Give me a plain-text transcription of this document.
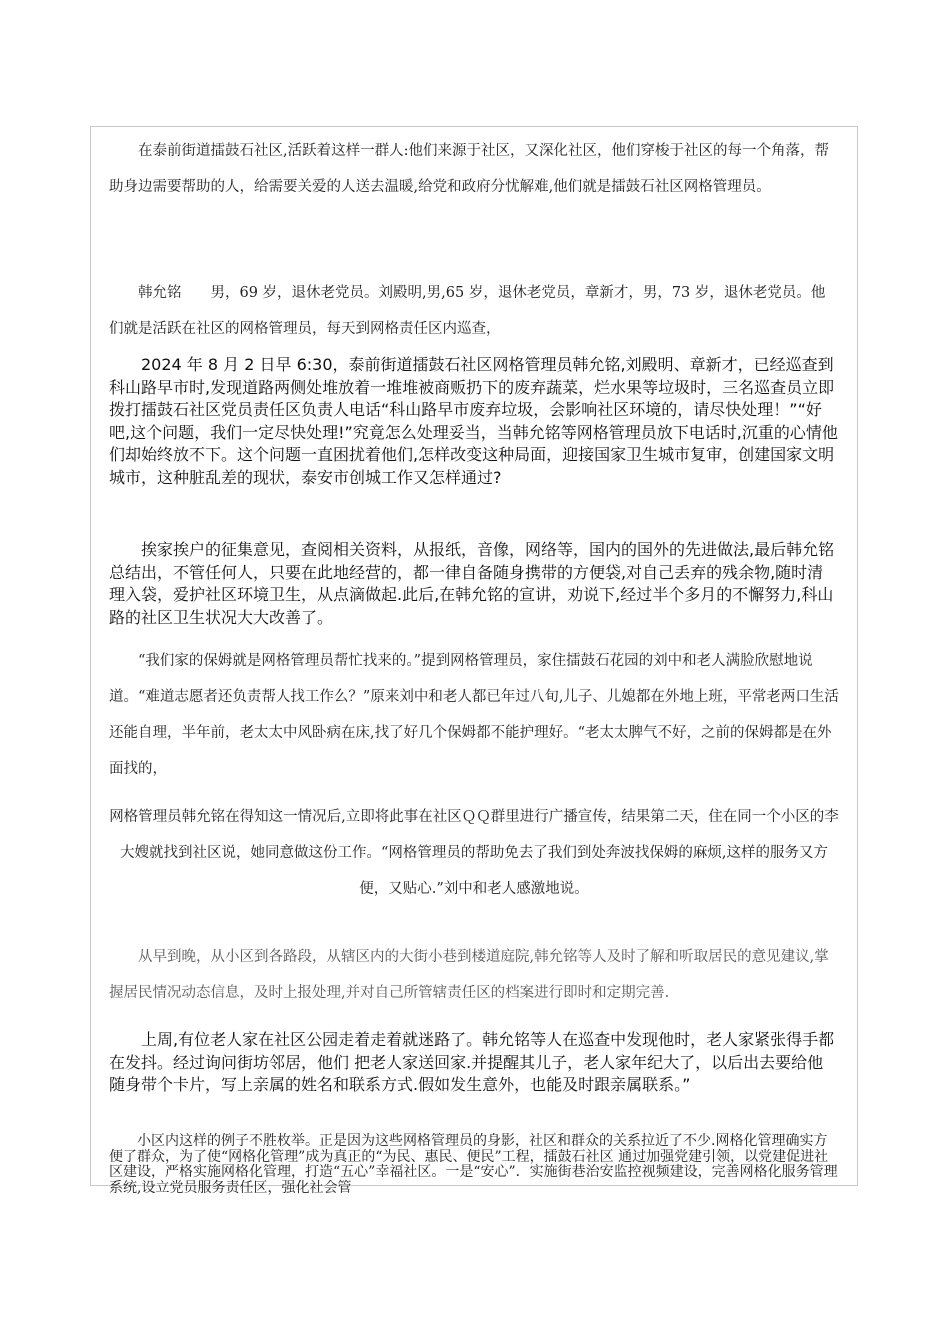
在泰前街道擂鼓石社区,活跃着这样一群人:他们来源于社区，又深化社区，他们穿梭于社区的每一个角落，帮助身边需要帮助的人，给需要关爱的人送去温暖,给党和政府分忧解难,他们就是擂鼓石社区网格管理员。

韩允铭　　男，69 岁，退休老党员。刘殿明,男,65 岁，退休老党员，章新才，男，73 岁，退休老党员。他们就是活跃在社区的网格管理员，每天到网格责任区内巡查，

2024 年 8 月 2 日早 6:30，泰前街道擂鼓石社区网格管理员韩允铭,刘殿明、章新才，已经巡查到科山路早市时,发现道路两侧处堆放着一堆堆被商贩扔下的废弃蔬菜，烂水果等垃圾时，三名巡查员立即拨打擂鼓石社区党员责任区负责人电话“科山路早市废弃垃圾，会影响社区环境的，请尽快处理！”“好吧,这个问题，我们一定尽快处理!”究竟怎么处理妥当，当韩允铭等网格管理员放下电话时,沉重的心情他们却始终放不下。这个问题一直困扰着他们,怎样改变这种局面，迎接国家卫生城市复审，创建国家文明城市，这种脏乱差的现状，泰安市创城工作又怎样通过?

挨家挨户的征集意见，查阅相关资料，从报纸，音像，网络等，国内的国外的先进做法,最后韩允铭总结出，不管任何人，只要在此地经营的，都一律自备随身携带的方便袋,对自己丢弃的残余物,随时清理入袋，爱护社区环境卫生，从点滴做起.此后,在韩允铭的宣讲，劝说下,经过半个多月的不懈努力,科山路的社区卫生状况大大改善了。

“我们家的保姆就是网格管理员帮忙找来的。”提到网格管理员，家住擂鼓石花园的刘中和老人满脸欣慰地说道。“难道志愿者还负责帮人找工作么？”原来刘中和老人都已年过八旬,儿子、儿媳都在外地上班，平常老两口生活还能自理，半年前，老太太中风卧病在床,找了好几个保姆都不能护理好。“老太太脾气不好，之前的保姆都是在外面找的，

网格管理员韩允铭在得知这一情况后,立即将此事在社区ＱＱ群里进行广播宣传，结果第二天，住在同一个小区的李大嫂就找到社区说，她同意做这份工作。“网格管理员的帮助免去了我们到处奔波找保姆的麻烦,这样的服务又方便，又贴心.”刘中和老人感激地说。

从早到晚，从小区到各路段，从辖区内的大街小巷到楼道庭院,韩允铭等人及时了解和听取居民的意见建议,掌握居民情况动态信息，及时上报处理,并对自己所管辖责任区的档案进行即时和定期完善.

上周,有位老人家在社区公园走着走着就迷路了。韩允铭等人在巡查中发现他时，老人家紧张得手都在发抖。经过询问街坊邻居，他们 把老人家送回家.并提醒其儿子，老人家年纪大了，以后出去要给他随身带个卡片，写上亲属的姓名和联系方式.假如发生意外，也能及时跟亲属联系。”

小区内这样的例子不胜枚举。正是因为这些网格管理员的身影，社区和群众的关系拉近了不少.网格化管理确实方便了群众，为了使“网格化管理”成为真正的“为民、惠民、便民”工程，擂鼓石社区 通过加强党建引领，以党建促进社区建设，严格实施网格化管理，打造“五心”幸福社区。一是“安心”．实施街巷治安监控视频建设，完善网格化服务管理系统,设立党员服务责任区，强化社会管
